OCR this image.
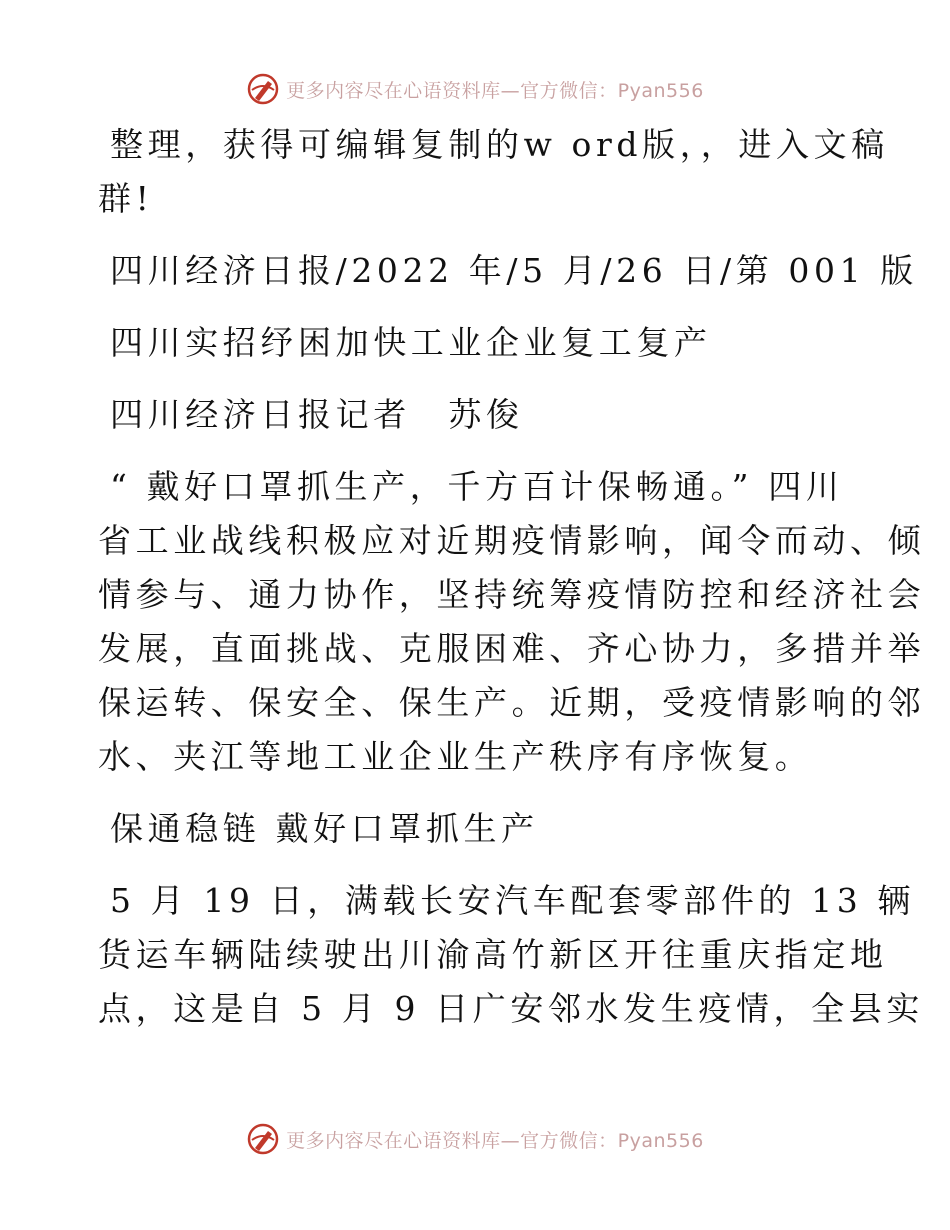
更多内容尽在心语资料库—官方微信：Pyan556

整理，获得可编辑复制的w ord版，，进入文稿

群!

四川经济日报/2022 年/5 月/26 日/第 001 版

四川实招纾困加快工业企业复工复产

四川经济日报记者　苏俊

“ 戴好口罩抓生产，千方百计保畅通。” 四川

省工业战线积极应对近期疫情影响，闻令而动、倾

情参与、通力协作，坚持统筹疫情防控和经济社会

发展，直面挑战、克服困难、齐心协力，多措并举

保运转、保安全、保生产。近期，受疫情影响的邻

水、夹江等地工业企业生产秩序有序恢复。

保通稳链 戴好口罩抓生产

5 月 19 日，满载长安汽车配套零部件的 13 辆

货运车辆陆续驶出川渝高竹新区开往重庆指定地

点，这是自 5 月 9 日广安邻水发生疫情，全县实

更多内容尽在心语资料库—官方微信：Pyan556
